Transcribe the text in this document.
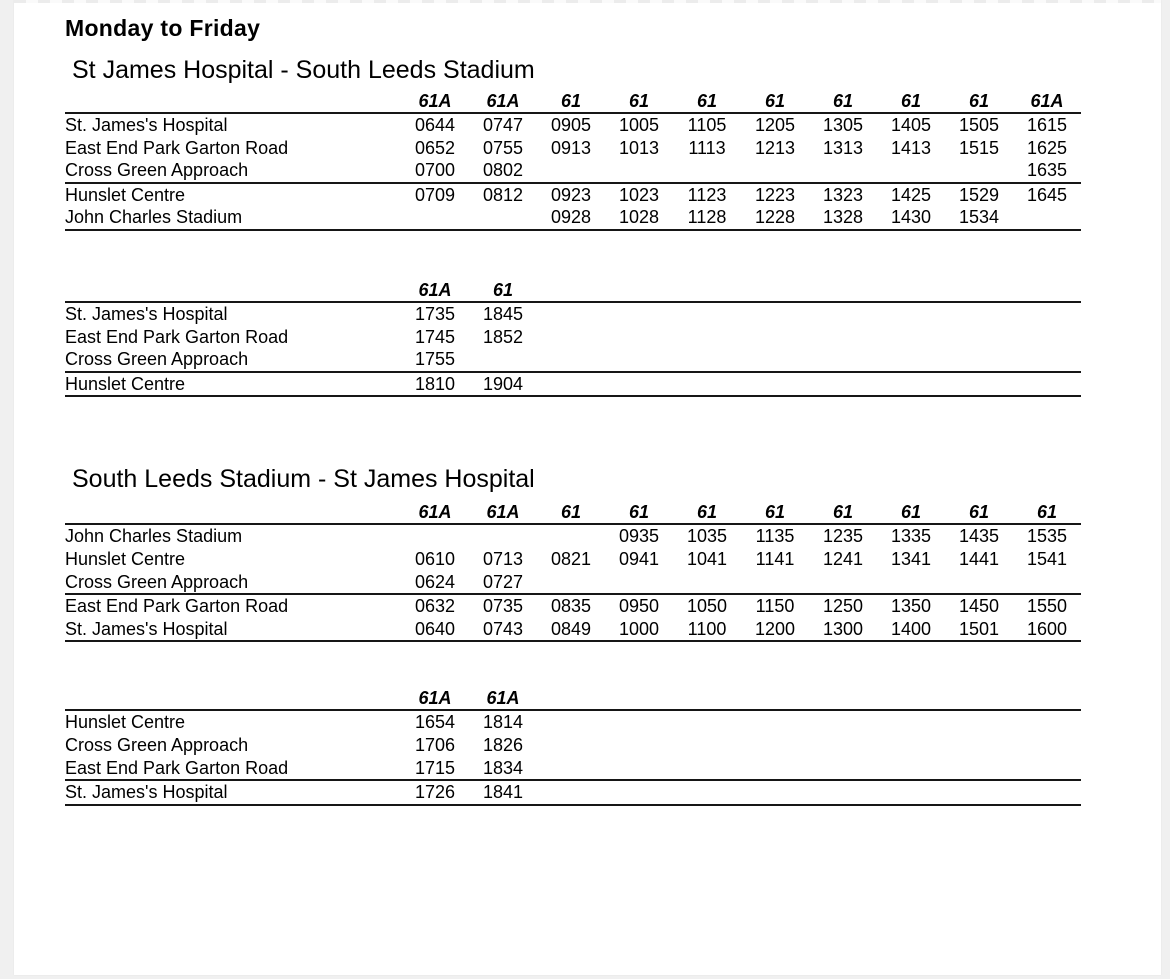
Monday to Friday
St James Hospital - South Leeds Stadium
	61A	61A	61	61	61	61	61	61	61	61A	
St. James's Hospital	0644	0747	0905	1005	1105	1205	1305	1405	1505	1615	
East End Park Garton Road	0652	0755	0913	1013	1113	1213	1313	1413	1515	1625	
Cross Green Approach	0700	0802								1635	
Hunslet Centre	0709	0812	0923	1023	1123	1223	1323	1425	1529	1645	
John Charles Stadium			0928	1028	1128	1228	1328	1430	1534		
	61A	61	
St. James's Hospital	1735	1845	
East End Park Garton Road	1745	1852	
Cross Green Approach	1755		
Hunslet Centre	1810	1904	
South Leeds Stadium - St James Hospital
	61A	61A	61	61	61	61	61	61	61	61	
John Charles Stadium				0935	1035	1135	1235	1335	1435	1535	
Hunslet Centre	0610	0713	0821	0941	1041	1141	1241	1341	1441	1541	
Cross Green Approach	0624	0727									
East End Park Garton Road	0632	0735	0835	0950	1050	1150	1250	1350	1450	1550	
St. James's Hospital	0640	0743	0849	1000	1100	1200	1300	1400	1501	1600	
	61A	61A	
Hunslet Centre	1654	1814	
Cross Green Approach	1706	1826	
East End Park Garton Road	1715	1834	
St. James's Hospital	1726	1841	
